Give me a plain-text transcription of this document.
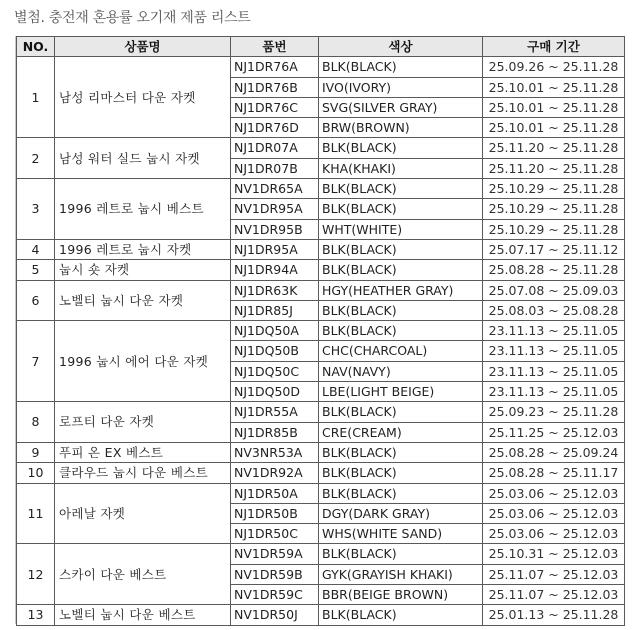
별첨. 충전재 혼용률 오기재 제품 리스트
NO.	상품명	품번	색상	구매 기간
1	남성 리마스터 다운 자켓	NJ1DR76A	BLK(BLACK)	25.09.26 ~ 25.11.28
		NJ1DR76B	IVO(IVORY)	25.10.01 ~ 25.11.28
		NJ1DR76C	SVG(SILVER GRAY)	25.10.01 ~ 25.11.28
		NJ1DR76D	BRW(BROWN)	25.10.01 ~ 25.11.28
2	남성 워터 실드 눕시 자켓	NJ1DR07A	BLK(BLACK)	25.11.20 ~ 25.11.28
		NJ1DR07B	KHA(KHAKI)	25.11.20 ~ 25.11.28
3	1996 레트로 눕시 베스트	NV1DR65A	BLK(BLACK)	25.10.29 ~ 25.11.28
		NV1DR95A	BLK(BLACK)	25.10.29 ~ 25.11.28
		NV1DR95B	WHT(WHITE)	25.10.29 ~ 25.11.28
4	1996 레트로 눕시 자켓	NJ1DR95A	BLK(BLACK)	25.07.17 ~ 25.11.12
5	눕시 숏 자켓	NJ1DR94A	BLK(BLACK)	25.08.28 ~ 25.11.28
6	노벨티 눕시 다운 자켓	NJ1DR63K	HGY(HEATHER GRAY)	25.07.08 ~ 25.09.03
		NJ1DR85J	BLK(BLACK)	25.08.03 ~ 25.08.28
7	1996 눕시 에어 다운 자켓	NJ1DQ50A	BLK(BLACK)	23.11.13 ~ 25.11.05
		NJ1DQ50B	CHC(CHARCOAL)	23.11.13 ~ 25.11.05
		NJ1DQ50C	NAV(NAVY)	23.11.13 ~ 25.11.05
		NJ1DQ50D	LBE(LIGHT BEIGE)	23.11.13 ~ 25.11.05
8	로프티 다운 자켓	NJ1DR55A	BLK(BLACK)	25.09.23 ~ 25.11.28
		NJ1DR85B	CRE(CREAM)	25.11.25 ~ 25.12.03
9	푸피 온 EX 베스트	NV3NR53A	BLK(BLACK)	25.08.28 ~ 25.09.24
10	클라우드 눕시 다운 베스트	NV1DR92A	BLK(BLACK)	25.08.28 ~ 25.11.17
11	아레날 자켓	NJ1DR50A	BLK(BLACK)	25.03.06 ~ 25.12.03
		NJ1DR50B	DGY(DARK GRAY)	25.03.06 ~ 25.12.03
		NJ1DR50C	WHS(WHITE SAND)	25.03.06 ~ 25.12.03
12	스카이 다운 베스트	NV1DR59A	BLK(BLACK)	25.10.31 ~ 25.12.03
		NV1DR59B	GYK(GRAYISH KHAKI)	25.11.07 ~ 25.12.03
		NV1DR59C	BBR(BEIGE BROWN)	25.11.07 ~ 25.12.03
13	노벨티 눕시 다운 베스트	NV1DR50J	BLK(BLACK)	25.01.13 ~ 25.11.28
